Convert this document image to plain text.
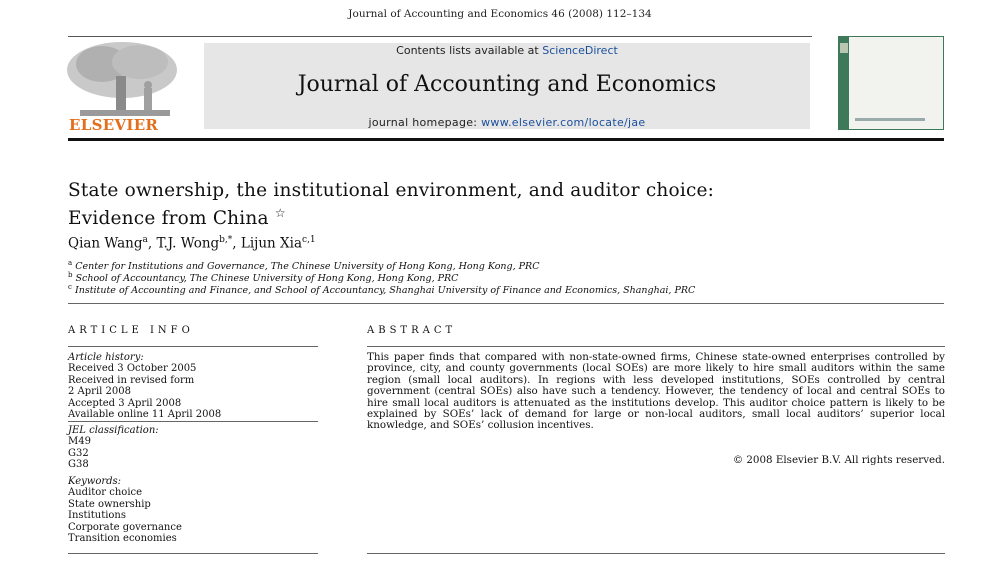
Journal of Accounting and Economics 46 (2008) 112–134
ELSEVIER
Contents lists available at ScienceDirect
Journal of Accounting and Economics
journal homepage: www.elsevier.com/locate/jae
State ownership, the institutional environment, and auditor choice:
Evidence from China ☆
Qian Wang$^a$, T.J. Wong$^{b,*}$, Lijun Xia$^{c,1}$
$^a$ Center for Institutions and Governance, The Chinese University of Hong Kong, Hong Kong, PRC
$^b$ School of Accountancy, The Chinese University of Hong Kong, Hong Kong, PRC
$^c$ Institute of Accounting and Finance, and School of Accountancy, Shanghai University of Finance and Economics, Shanghai, PRC
ARTICLE INFO	ABSTRACT
Article history:
Received 3 October 2005
Received in revised form
2 April 2008
Accepted 3 April 2008
Available online 11 April 2008
JEL classification:
M49
G32
G38
Keywords:
Auditor choice
State ownership
Institutions
Corporate governance
Transition economies
This paper finds that compared with non-state-owned firms, Chinese state-owned enterprises controlled by province, city, and county governments (local SOEs) are more likely to hire small auditors within the same region (small local auditors). In regions with less developed institutions, SOEs controlled by central government (central SOEs) also have such a tendency. However, the tendency of local and central SOEs to hire small local auditors is attenuated as the institutions develop. This auditor choice pattern is likely to be explained by SOEs’ lack of demand for large or non-local auditors, small local auditors’ superior local knowledge, and SOEs’ collusion incentives.
© 2008 Elsevier B.V. All rights reserved.
